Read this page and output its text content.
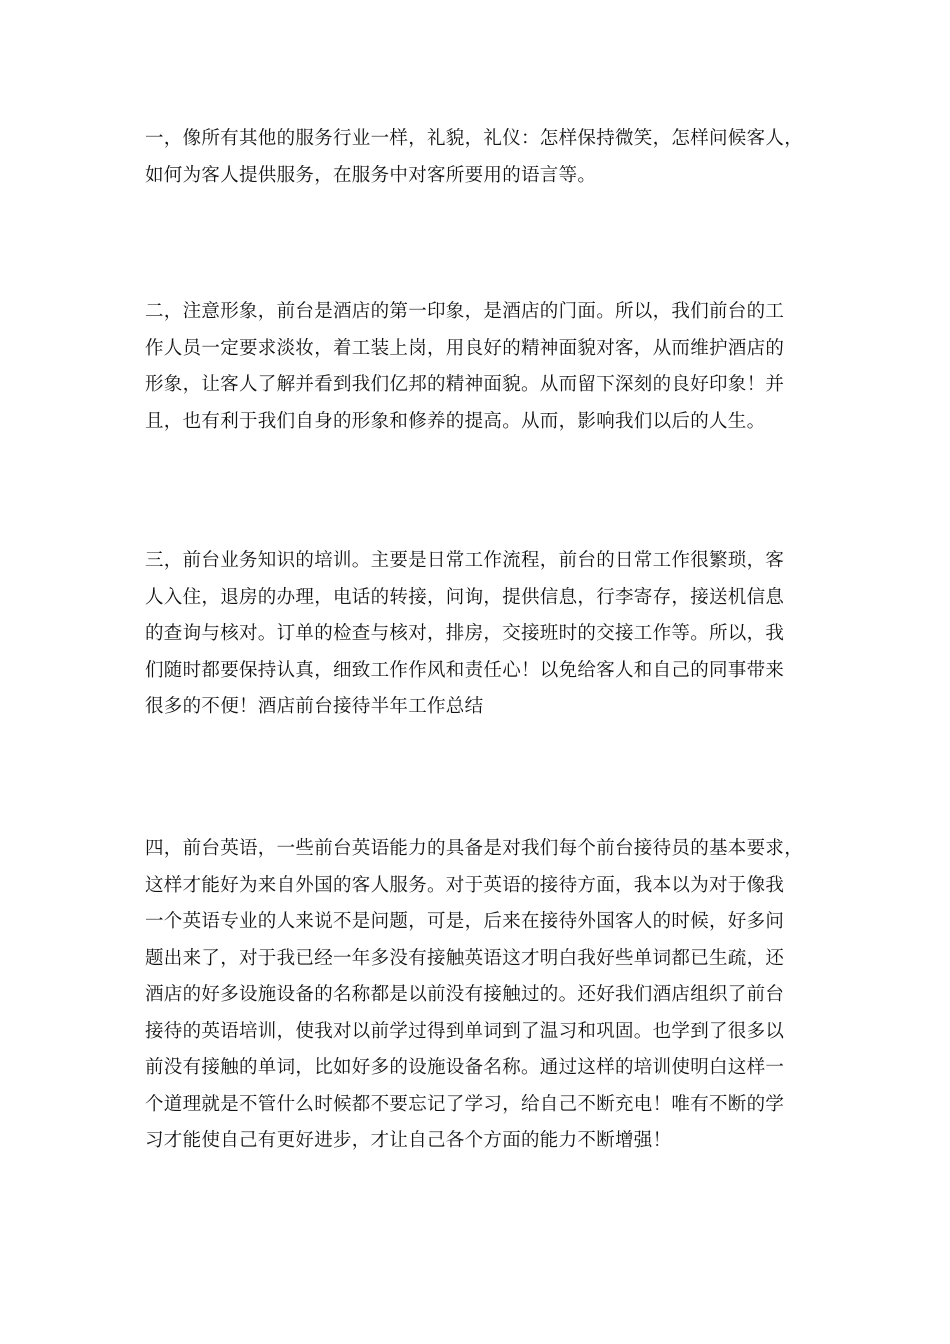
一，像所有其他的服务行业一样，礼貌，礼仪：怎样保持微笑，怎样问候客人，
如何为客人提供服务，在服务中对客所要用的语言等。
二，注意形象，前台是酒店的第一印象，是酒店的门面。所以，我们前台的工
作人员一定要求淡妆，着工装上岗，用良好的精神面貌对客，从而维护酒店的
形象，让客人了解并看到我们亿邦的精神面貌。从而留下深刻的良好印象！并
且，也有利于我们自身的形象和修养的提高。从而，影响我们以后的人生。
三，前台业务知识的培训。主要是日常工作流程，前台的日常工作很繁琐，客
人入住，退房的办理，电话的转接，问询，提供信息，行李寄存，接送机信息
的查询与核对。订单的检查与核对，排房，交接班时的交接工作等。所以，我
们随时都要保持认真，细致工作作风和责任心！以免给客人和自己的同事带来
很多的不便！酒店前台接待半年工作总结
四，前台英语，一些前台英语能力的具备是对我们每个前台接待员的基本要求，
这样才能好为来自外国的客人服务。对于英语的接待方面，我本以为对于像我
一个英语专业的人来说不是问题，可是，后来在接待外国客人的时候，好多问
题出来了，对于我已经一年多没有接触英语这才明白我好些单词都已生疏，还
酒店的好多设施设备的名称都是以前没有接触过的。还好我们酒店组织了前台
接待的英语培训，使我对以前学过得到单词到了温习和巩固。也学到了很多以
前没有接触的单词，比如好多的设施设备名称。通过这样的培训使明白这样一
个道理就是不管什么时候都不要忘记了学习，给自己不断充电！唯有不断的学
习才能使自己有更好进步，才让自己各个方面的能力不断增强！
